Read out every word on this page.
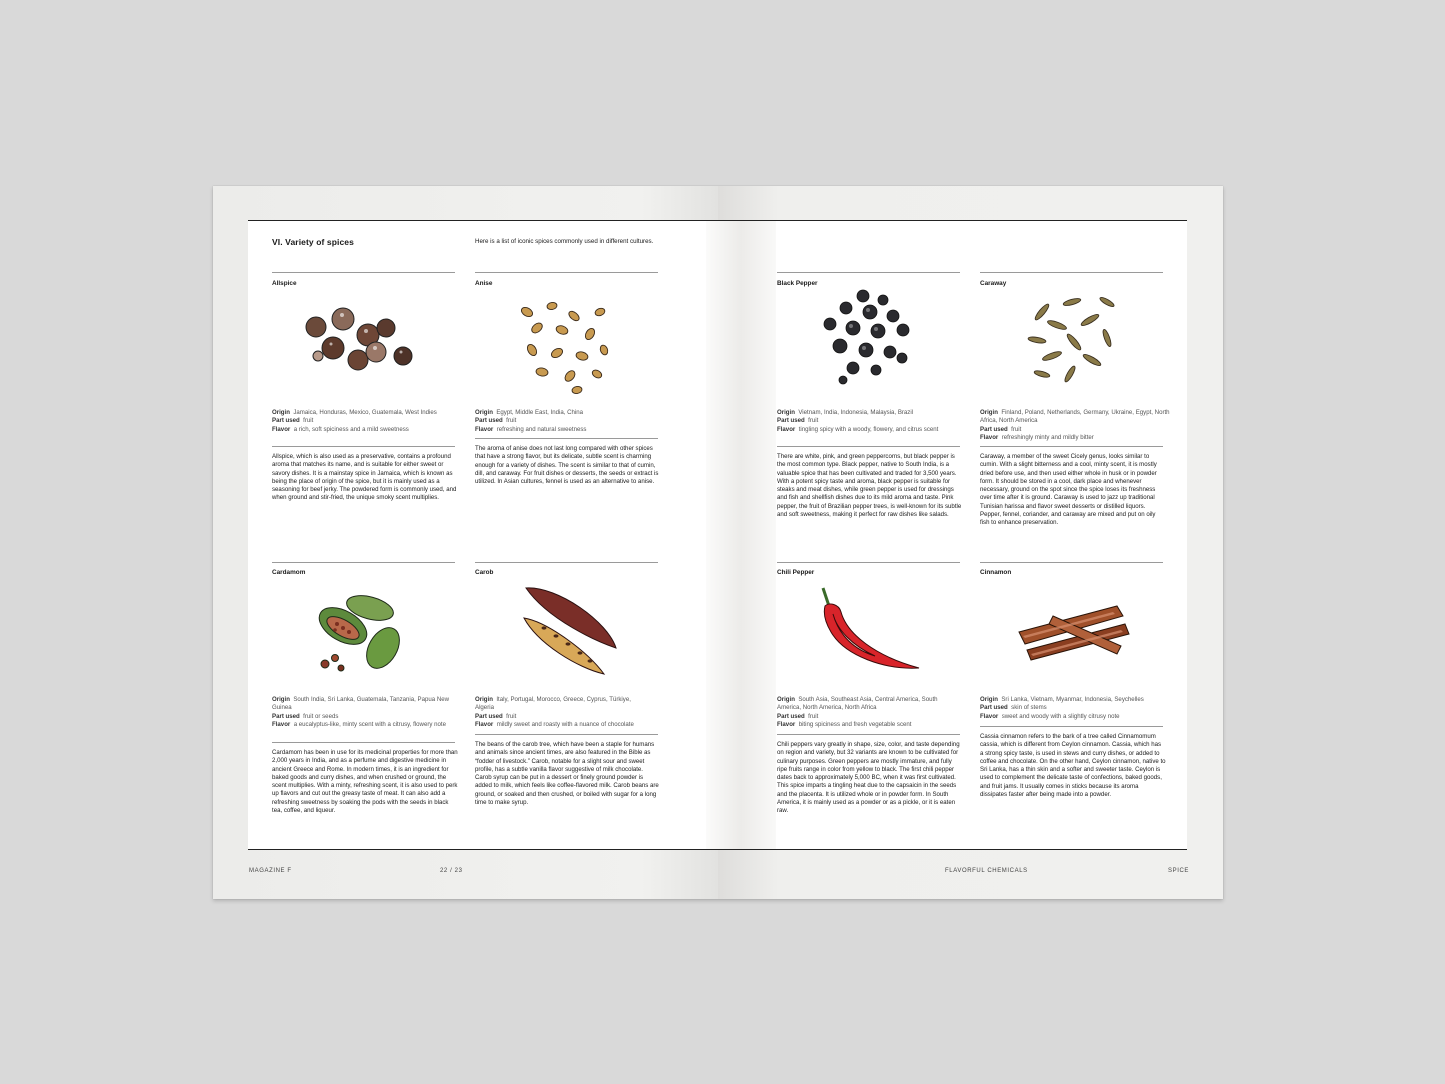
VI. Variety of spices	Here is a list of iconic spices commonly used in different cultures.
Allspice
Origin Jamaica, Honduras, Mexico, Guatemala, West Indies
Part used fruit
Flavor a rich, soft spiciness and a mild sweetness
Allspice, which is also used as a preservative, contains a profound aroma that matches its name, and is suitable for either sweet or savory dishes. It is a mainstay spice in Jamaica, which is known as being the place of origin of the spice, but it is mainly used as a seasoning for beef jerky. The powdered form is commonly used, and when ground and stir-fried, the unique smoky scent multiplies.
Anise
Origin Egypt, Middle East, India, China
Part used fruit
Flavor refreshing and natural sweetness
The aroma of anise does not last long compared with other spices that have a strong flavor, but its delicate, subtle scent is charming enough for a variety of dishes. The scent is similar to that of cumin, dill, and caraway. For fruit dishes or desserts, the seeds or extract is utilized. In Asian cultures, fennel is used as an alternative to anise.
Black Pepper
Origin Vietnam, India, Indonesia, Malaysia, Brazil
Part used fruit
Flavor tingling spicy with a woody, flowery, and citrus scent
There are white, pink, and green peppercorns, but black pepper is the most common type. Black pepper, native to South India, is a valuable spice that has been cultivated and traded for 3,500 years. With a potent spicy taste and aroma, black pepper is suitable for steaks and meat dishes, while green pepper is used for dressings and fish and shellfish dishes due to its mild aroma and taste. Pink pepper, the fruit of Brazilian pepper trees, is well-known for its subtle and soft sweetness, making it perfect for raw dishes like salads.
Caraway
Origin Finland, Poland, Netherlands, Germany, Ukraine, Egypt, North Africa, North America
Part used fruit
Flavor refreshingly minty and mildly bitter
Caraway, a member of the sweet Cicely genus, looks similar to cumin. With a slight bitterness and a cool, minty scent, it is mostly dried before use, and then used either whole in husk or in powder form. It should be stored in a cool, dark place and whenever necessary, ground on the spot since the spice loses its freshness over time after it is ground. Caraway is used to jazz up traditional Tunisian harissa and flavor sweet desserts or distilled liquors. Pepper, fennel, coriander, and caraway are mixed and put on oily fish to enhance preservation.
Cardamom
Origin South India, Sri Lanka, Guatemala, Tanzania, Papua New Guinea
Part used fruit or seeds
Flavor a eucalyptus-like, minty scent with a citrusy, flowery note
Cardamom has been in use for its medicinal properties for more than 2,000 years in India, and as a perfume and digestive medicine in ancient Greece and Rome. In modern times, it is an ingredient for baked goods and curry dishes, and when crushed or ground, the scent multiplies. With a minty, refreshing scent, it is also used to perk up flavors and cut out the greasy taste of meat. It can also add a refreshing sweetness by soaking the pods with the seeds in black tea, coffee, and liqueur.
Carob
Origin Italy, Portugal, Morocco, Greece, Cyprus, Türkiye, Algeria
Part used fruit
Flavor mildly sweet and roasty with a nuance of chocolate
The beans of the carob tree, which have been a staple for humans and animals since ancient times, are also featured in the Bible as “fodder of livestock.” Carob, notable for a slight sour and sweet profile, has a subtle vanilla flavor suggestive of milk chocolate. Carob syrup can be put in a dessert or finely ground powder is added to milk, which feels like coffee-flavored milk. Carob beans are ground, or soaked and then crushed, or boiled with sugar for a long time to make syrup.
Chili Pepper
Origin South Asia, Southeast Asia, Central America, South America, North America, North Africa
Part used fruit
Flavor biting spiciness and fresh vegetable scent
Chili peppers vary greatly in shape, size, color, and taste depending on region and variety, but 32 variants are known to be cultivated for culinary purposes. Green peppers are mostly immature, and fully ripe fruits range in color from yellow to black. The first chili pepper dates back to approximately 5,000 BC, when it was first cultivated. This spice imparts a tingling heat due to the capsaicin in the seeds and the placenta. It is utilized whole or in powder form. In South America, it is mainly used as a powder or as a pickle, or it is eaten raw.
Cinnamon
Origin Sri Lanka, Vietnam, Myanmar, Indonesia, Seychelles
Part used skin of stems
Flavor sweet and woody with a slightly citrusy note
Cassia cinnamon refers to the bark of a tree called Cinnamomum cassia, which is different from Ceylon cinnamon. Cassia, which has a strong spicy taste, is used in stews and curry dishes, or added to coffee and chocolate. On the other hand, Ceylon cinnamon, native to Sri Lanka, has a thin skin and a softer and sweeter taste. Ceylon is used to complement the delicate taste of confections, baked goods, and fruit jams. It usually comes in sticks because its aroma dissipates faster after being made into a powder.
MAGAZINE F	22 / 23	FLAVORFUL CHEMICALS	SPICE
